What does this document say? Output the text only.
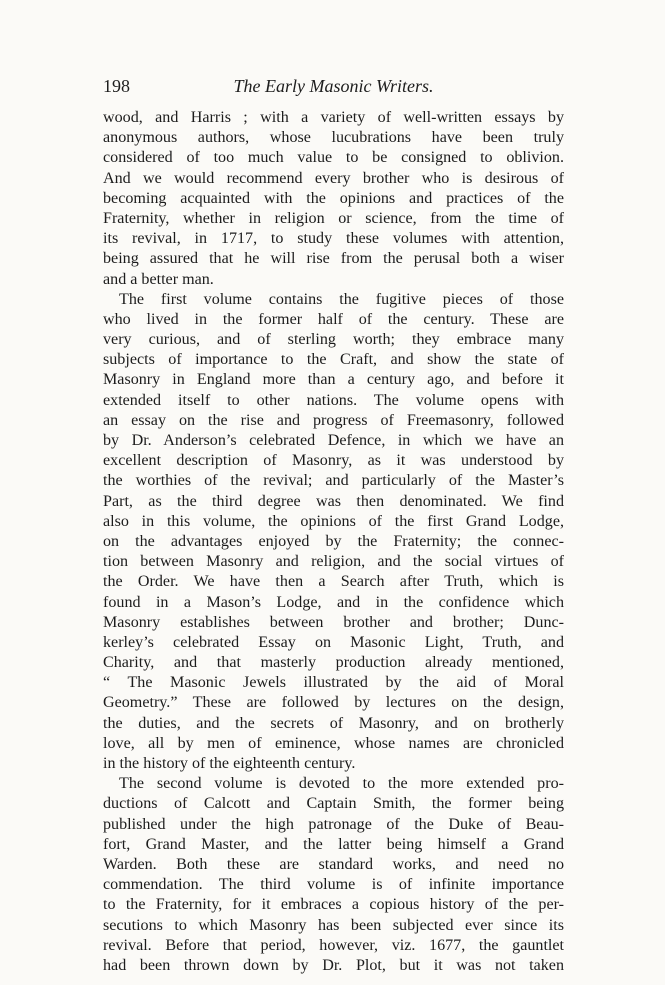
198	The Early Masonic Writers.
wood, and Harris ; with a variety of well-written essays by
anonymous authors, whose lucubrations have been truly
considered of too much value to be consigned to oblivion.
And we would recommend every brother who is desirous of
becoming acquainted with the opinions and practices of the
Fraternity, whether in religion or science, from the time of
its revival, in 1717, to study these volumes with attention,
being assured that he will rise from the perusal both a wiser
and a better man.
The first volume contains the fugitive pieces of those
who lived in the former half of the century. These are
very curious, and of sterling worth; they embrace many
subjects of importance to the Craft, and show the state of
Masonry in England more than a century ago, and before it
extended itself to other nations. The volume opens with
an essay on the rise and progress of Freemasonry, followed
by Dr. Anderson’s celebrated Defence, in which we have an
excellent description of Masonry, as it was understood by
the worthies of the revival; and particularly of the Master’s
Part, as the third degree was then denominated. We find
also in this volume, the opinions of the first Grand Lodge,
on the advantages enjoyed by the Fraternity; the connec-
tion between Masonry and religion, and the social virtues of
the Order. We have then a Search after Truth, which is
found in a Mason’s Lodge, and in the confidence which
Masonry establishes between brother and brother; Dunc-
kerley’s celebrated Essay on Masonic Light, Truth, and
Charity, and that masterly production already mentioned,
“ The Masonic Jewels illustrated by the aid of Moral
Geometry.” These are followed by lectures on the design,
the duties, and the secrets of Masonry, and on brotherly
love, all by men of eminence, whose names are chronicled
in the history of the eighteenth century.
The second volume is devoted to the more extended pro-
ductions of Calcott and Captain Smith, the former being
published under the high patronage of the Duke of Beau-
fort, Grand Master, and the latter being himself a Grand
Warden. Both these are standard works, and need no
commendation. The third volume is of infinite importance
to the Fraternity, for it embraces a copious history of the per-
secutions to which Masonry has been subjected ever since its
revival. Before that period, however, viz. 1677, the gauntlet
had been thrown down by Dr. Plot, but it was not taken
